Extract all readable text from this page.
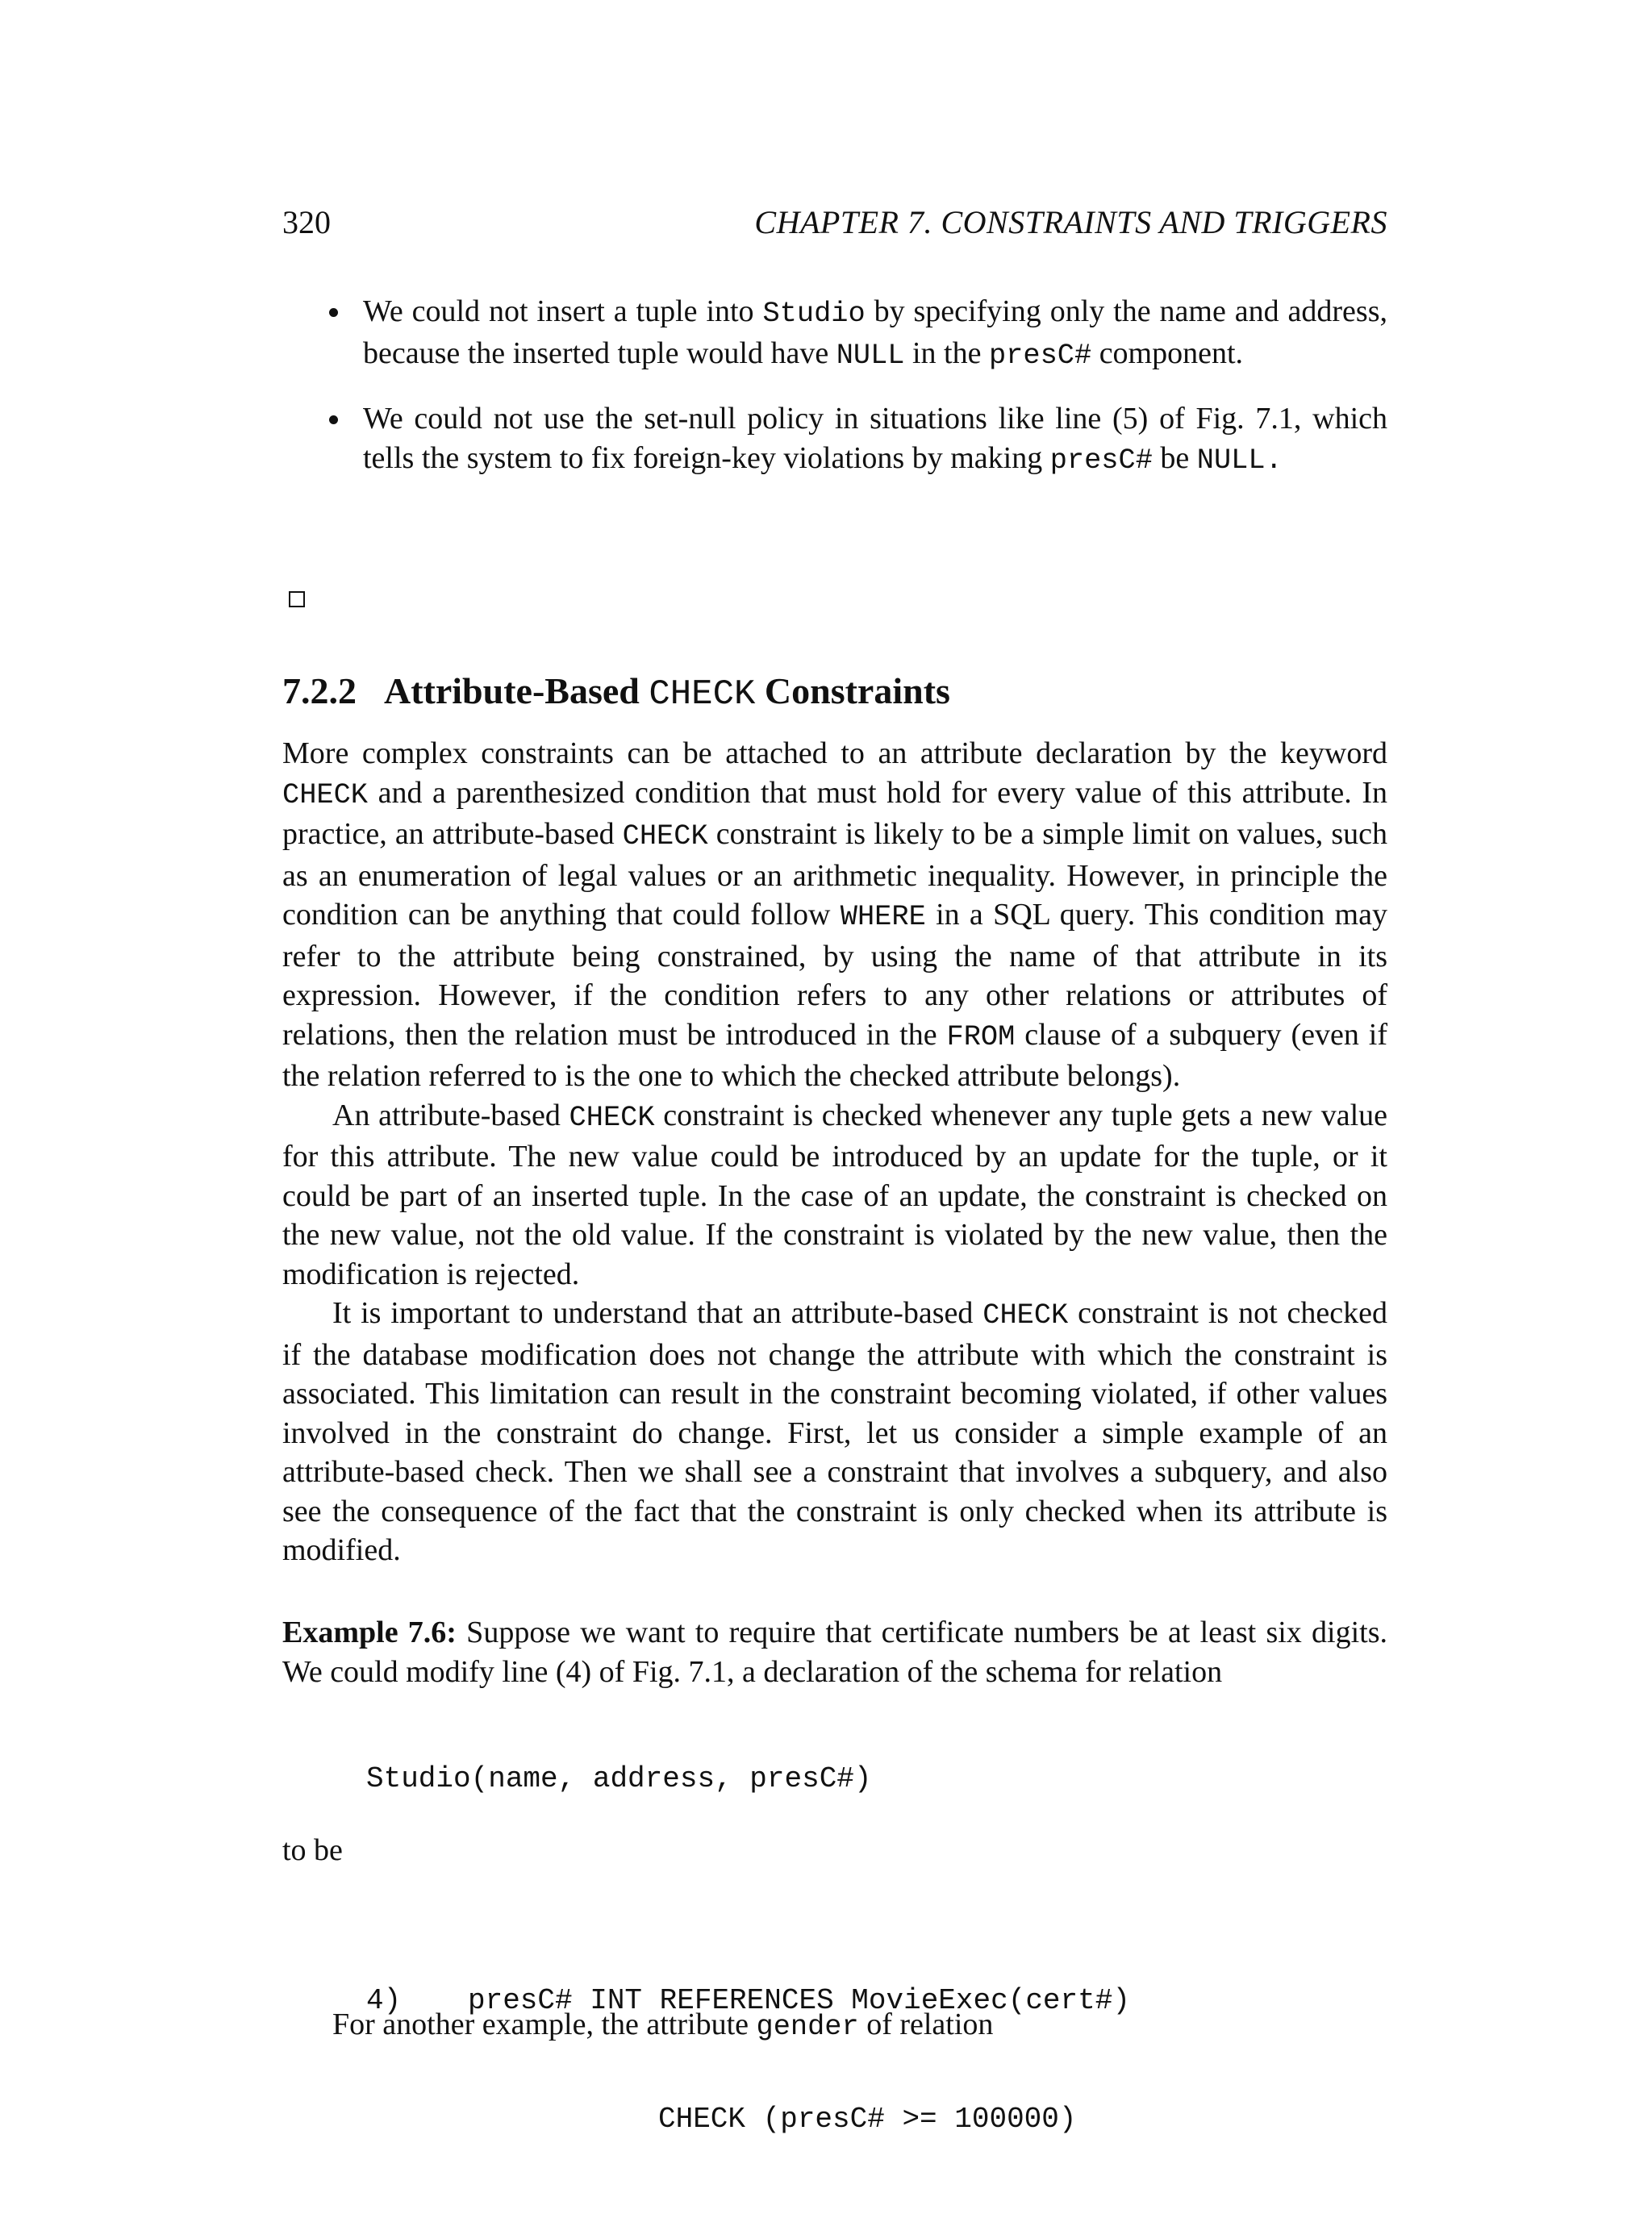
320	CHAPTER 7. CONSTRAINTS AND TRIGGERS
We could not insert a tuple into Studio by specifying only the name and address, because the inserted tuple would have NULL in the presC# component.
We could not use the set-null policy in situations like line (5) of Fig. 7.1, which tells the system to fix foreign-key violations by making presC# be NULL.
7.2.2 Attribute-Based CHECK Constraints

More complex constraints can be attached to an attribute declaration by the keyword CHECK and a parenthesized condition that must hold for every value of this attribute. In practice, an attribute-based CHECK constraint is likely to be a simple limit on values, such as an enumeration of legal values or an arithmetic inequality. However, in principle the condition can be anything that could follow WHERE in a SQL query. This condition may refer to the attribute being constrained, by using the name of that attribute in its expression. However, if the condition refers to any other relations or attributes of relations, then the relation must be introduced in the FROM clause of a subquery (even if the relation referred to is the one to which the checked attribute belongs).

An attribute-based CHECK constraint is checked whenever any tuple gets a new value for this attribute. The new value could be introduced by an update for the tuple, or it could be part of an inserted tuple. In the case of an update, the constraint is checked on the new value, not the old value. If the constraint is violated by the new value, then the modification is rejected.

It is important to understand that an attribute-based CHECK constraint is not checked if the database modification does not change the attribute with which the constraint is associated. This limitation can result in the constraint becoming violated, if other values involved in the constraint do change. First, let us consider a simple example of an attribute-based check. Then we shall see a constraint that involves a subquery, and also see the consequence of the fact that the constraint is only checked when its attribute is modified.

Example 7.6: Suppose we want to require that certificate numbers be at least six digits. We could modify line (4) of Fig. 7.1, a declaration of the schema for relation
Studio(name, address, presC#)
to be

4) presC# INT REFERENCES MovieExec(cert#)

CHECK (presC# >= 100000)

For another example, the attribute gender of relation
